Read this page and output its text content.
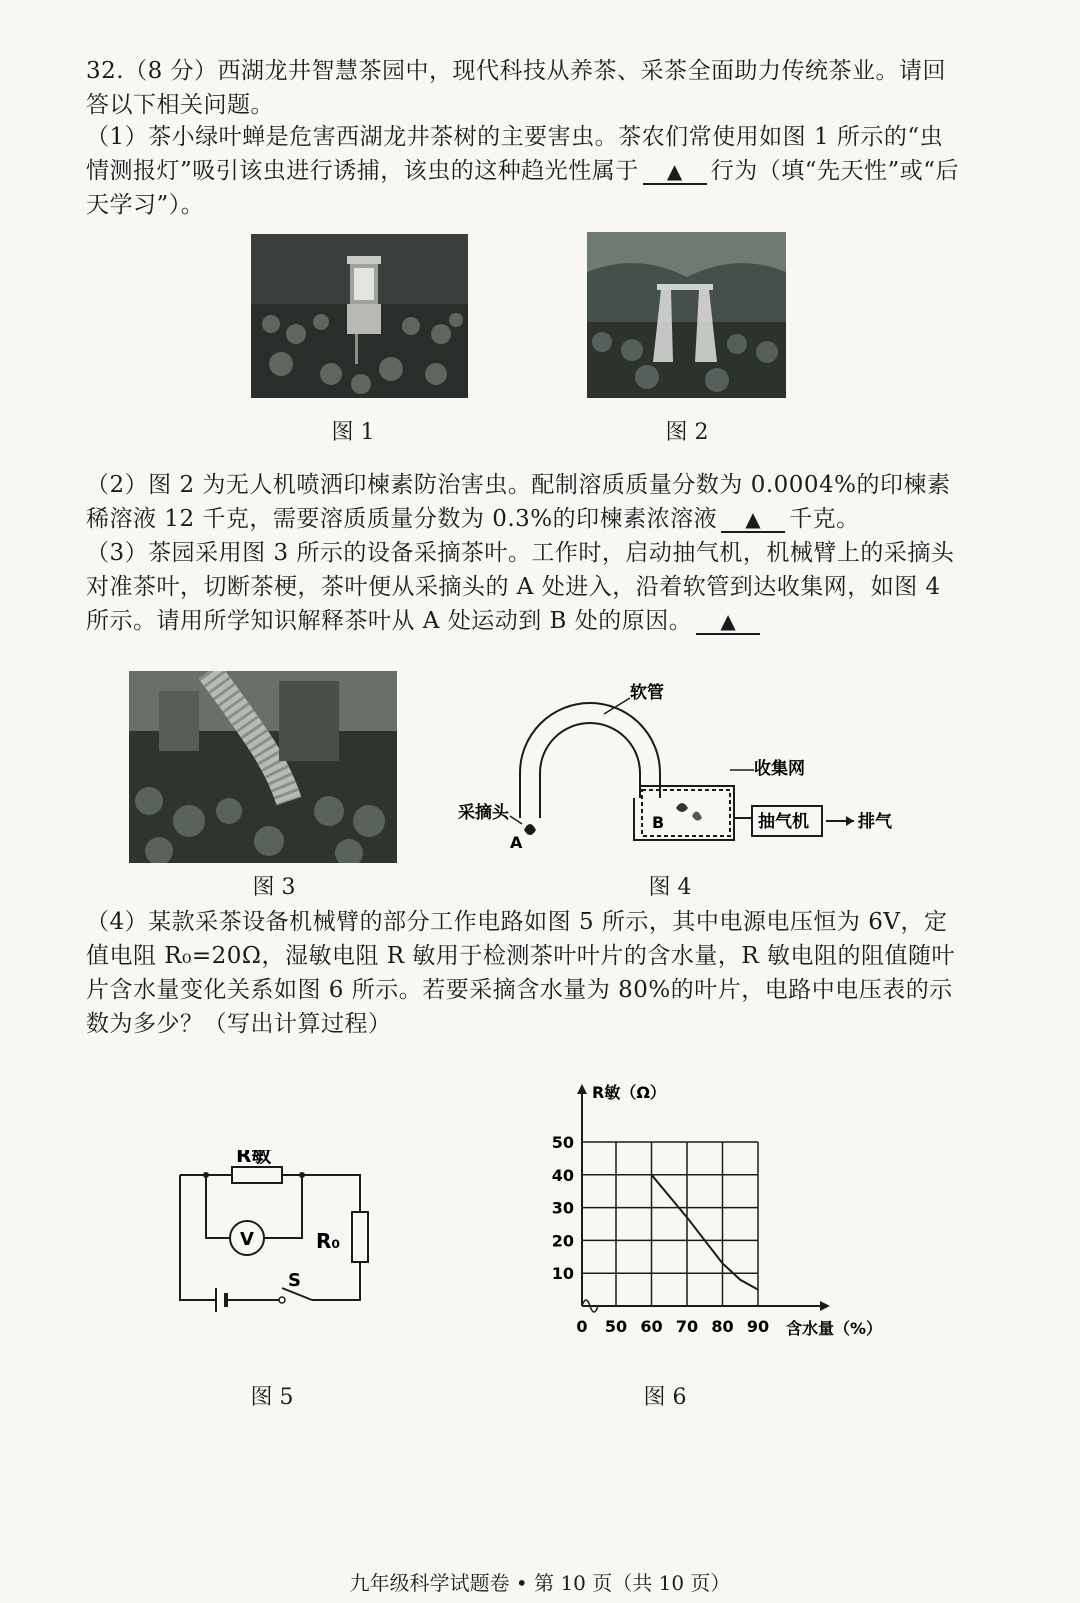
32.（8 分）西湖龙井智慧茶园中，现代科技从养茶、采茶全面助力传统茶业。请回答以下相关问题。

（1）茶小绿叶蝉是危害西湖龙井茶树的主要害虫。茶农们常使用如图 1 所示的“虫情测报灯”吸引该虫进行诱捕，该虫的这种趋光性属于 ▲ 行为（填“先天性”或“后天学习”）。

图 1	图 2

（2）图 2 为无人机喷洒印楝素防治害虫。配制溶质质量分数为 0.0004%的印楝素稀溶液 12 千克，需要溶质质量分数为 0.3%的印楝素浓溶液 ▲ 千克。

（3）茶园采用图 3 所示的设备采摘茶叶。工作时，启动抽气机，机械臂上的采摘头对准茶叶，切断茶梗，茶叶便从采摘头的 A 处进入，沿着软管到达收集网，如图 4 所示。请用所学知识解释茶叶从 A 处运动到 B 处的原因。 ▲

软管
收集网
采摘头	抽气机	排气
A
B
图 3	图 4

（4）某款采茶设备机械臂的部分工作电路如图 5 所示，其中电源电压恒为 6V，定值电阻 R₀=20Ω，湿敏电阻 R 敏用于检测茶叶叶片的含水量，R 敏电阻的阻值随叶片含水量变化关系如图 6 所示。若要采摘含水量为 80%的叶片，电路中电压表的示数为多少？（写出计算过程）

R敏
V	R₀
S	10
20
30
40
50
0 50 60 70 80 90
R敏（Ω）
含水量（%）
图 5	图 6
九年级科学试题卷 • 第 10 页（共 10 页）
